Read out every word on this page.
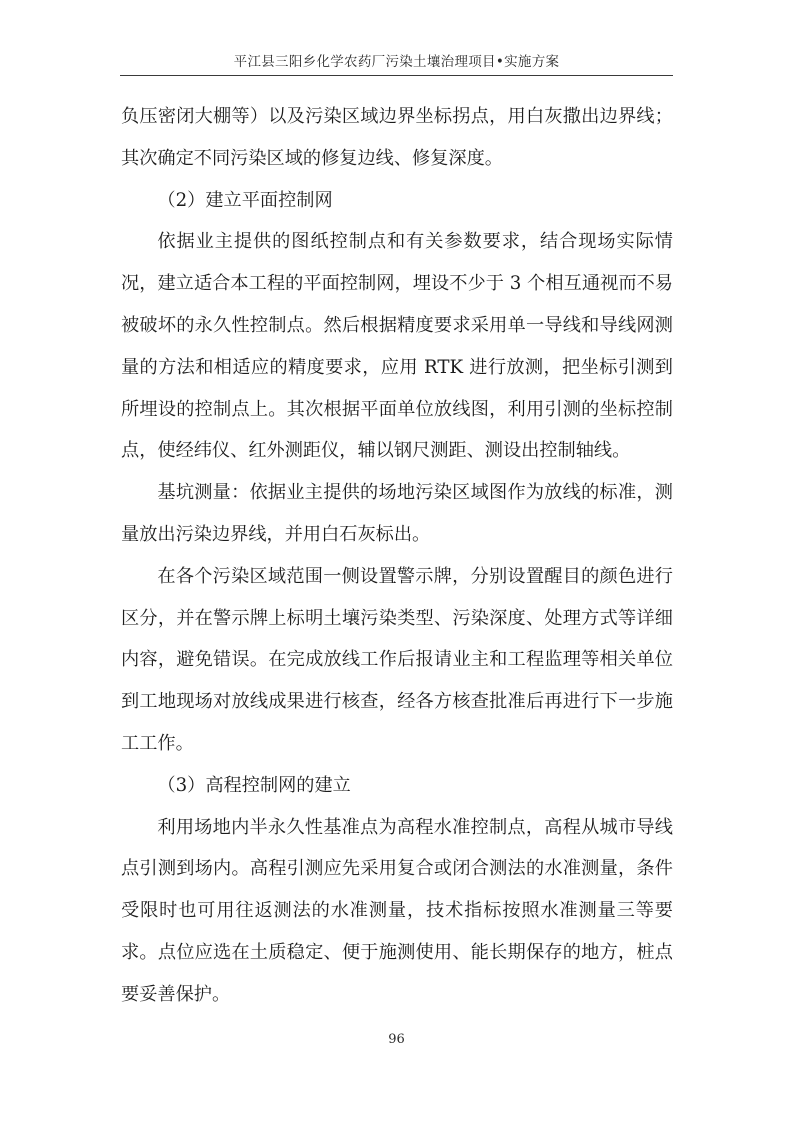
平江县三阳乡化学农药厂污染土壤治理项目•实施方案
负压密闭大棚等）以及污染区域边界坐标拐点，用白灰撒出边界线；
其次确定不同污染区域的修复边线、修复深度。
（2）建立平面控制网
依据业主提供的图纸控制点和有关参数要求，结合现场实际情
况，建立适合本工程的平面控制网，埋设不少于 3 个相互通视而不易
被破坏的永久性控制点。然后根据精度要求采用单一导线和导线网测
量的方法和相适应的精度要求，应用 RTK 进行放测，把坐标引测到
所埋设的控制点上。其次根据平面单位放线图，利用引测的坐标控制
点，使经纬仪、红外测距仪，辅以钢尺测距、测设出控制轴线。
基坑测量：依据业主提供的场地污染区域图作为放线的标准，测
量放出污染边界线，并用白石灰标出。
在各个污染区域范围一侧设置警示牌，分别设置醒目的颜色进行
区分，并在警示牌上标明土壤污染类型、污染深度、处理方式等详细
内容，避免错误。在完成放线工作后报请业主和工程监理等相关单位
到工地现场对放线成果进行核查，经各方核查批准后再进行下一步施
工工作。
（3）高程控制网的建立
利用场地内半永久性基准点为高程水准控制点，高程从城市导线
点引测到场内。高程引测应先采用复合或闭合测法的水准测量，条件
受限时也可用往返测法的水准测量，技术指标按照水准测量三等要
求。点位应选在土质稳定、便于施测使用、能长期保存的地方，桩点
要妥善保护。
96
